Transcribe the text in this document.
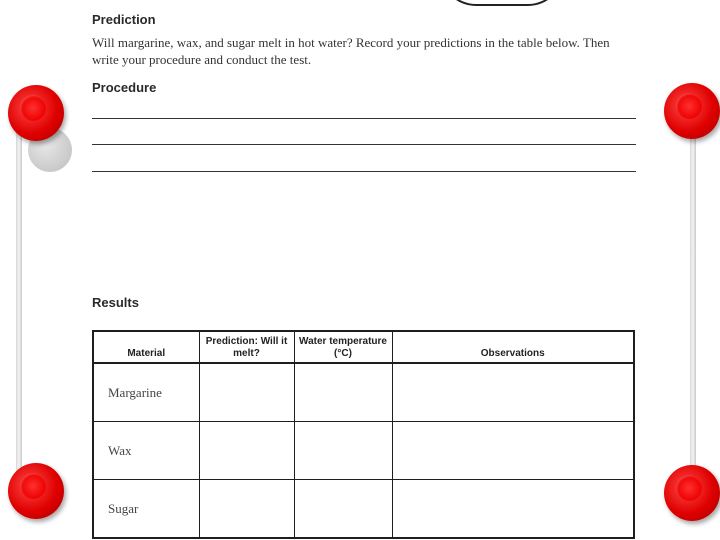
Prediction
Will margarine, wax, and sugar melt in hot water? Record your predictions in the table below. Then write your procedure and conduct the test.
Procedure
Results
Material	Prediction: Will it melt?	Water temperature (°C)	Observations
Margarine			
Wax			
Sugar			
